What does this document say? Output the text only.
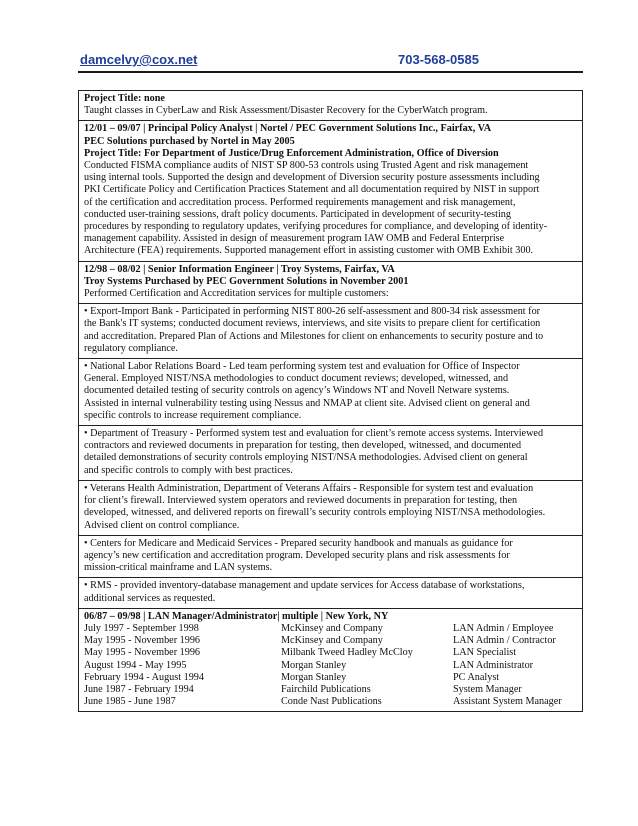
damcelvy@cox.net	703-568-0585
Project Title: none
Taught classes in CyberLaw and Risk Assessment/Disaster Recovery for the CyberWatch program.
12/01 – 09/07 | Principal Policy Analyst | Nortel / PEC Government Solutions Inc., Fairfax, VA
PEC Solutions purchased by Nortel in May 2005
Project Title: For Department of Justice/Drug Enforcement Administration, Office of Diversion
Conducted FISMA compliance audits of NIST SP 800-53 controls using Trusted Agent and risk management
using internal tools. Supported the design and development of Diversion security posture assessments including
PKI Certificate Policy and Certification Practices Statement and all documentation required by NIST in support
of the certification and accreditation process. Performed requirements management and risk management,
conducted user-training sessions, draft policy documents. Participated in development of security-testing
procedures by responding to regulatory updates, verifying procedures for compliance, and developing of identity-
management capability. Assisted in design of measurement program IAW OMB and Federal Enterprise
Architecture (FEA) requirements. Supported management effort in assisting customer with OMB Exhibit 300.
12/98 – 08/02 | Senior Information Engineer | Troy Systems, Fairfax, VA
Troy Systems Purchased by PEC Government Solutions in November 2001
Performed Certification and Accreditation services for multiple customers:
• Export-Import Bank - Participated in performing NIST 800-26 self-assessment and 800-34 risk assessment for
the Bank's IT systems; conducted document reviews, interviews, and site visits to prepare client for certification
and accreditation. Prepared Plan of Actions and Milestones for client on enhancements to security posture and to
regulatory compliance.
• National Labor Relations Board - Led team performing system test and evaluation for Office of Inspector
General. Employed NIST/NSA methodologies to conduct document reviews; developed, witnessed, and
documented detailed testing of security controls on agency’s Windows NT and Novell Netware systems.
Assisted in internal vulnerability testing using Nessus and NMAP at client site. Advised client on general and
specific controls to increase requirement compliance.
• Department of Treasury - Performed system test and evaluation for client’s remote access systems. Interviewed
contractors and reviewed documents in preparation for testing, then developed, witnessed, and documented
detailed demonstrations of security controls employing NIST/NSA methodologies. Advised client on general
and specific controls to comply with best practices.
• Veterans Health Administration, Department of Veterans Affairs - Responsible for system test and evaluation
for client’s firewall. Interviewed system operators and reviewed documents in preparation for testing, then
developed, witnessed, and delivered reports on firewall’s security controls employing NIST/NSA methodologies.
Advised client on control compliance.
• Centers for Medicare and Medicaid Services - Prepared security handbook and manuals as guidance for
agency’s new certification and accreditation program. Developed security plans and risk assessments for
mission-critical mainframe and LAN systems.
• RMS - provided inventory-database management and update services for Access database of workstations,
additional services as requested.
06/87 – 09/98 | LAN Manager/Administrator| multiple | New York, NY
July 1997 - September 1998	McKinsey and Company	LAN Admin / Employee
May 1995 - November 1996	McKinsey and Company	LAN Admin / Contractor
May 1995 - November 1996	Milbank Tweed Hadley McCloy	LAN Specialist
August 1994 - May 1995	Morgan Stanley	LAN Administrator
February 1994 - August 1994	Morgan Stanley	PC Analyst
June 1987 - February 1994	Fairchild Publications	System Manager
June 1985 - June 1987	Conde Nast Publications	Assistant System Manager
